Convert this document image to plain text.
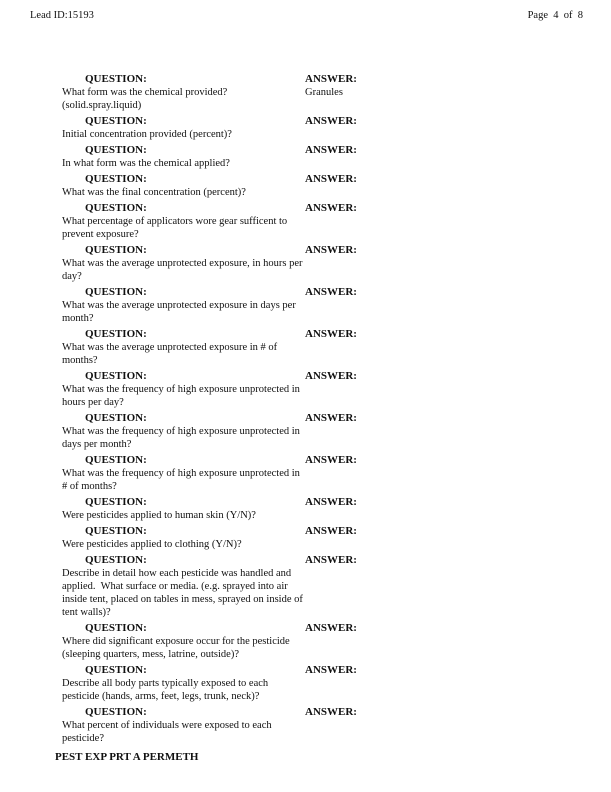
Lead ID:15193	Page  4  of  8
QUESTION:
What form was the chemical provided?(solid.spray.liquid)
ANSWER:
Granules
QUESTION:
Initial concentration provided (percent)?
ANSWER:
QUESTION:
In what form was the chemical applied?
ANSWER:
QUESTION:
What was the final concentration (percent)?
ANSWER:
QUESTION:
What percentage of applicators wore gear sufficent to prevent exposure?
ANSWER:
QUESTION:
What was the average unprotected exposure, in hours per day?
ANSWER:
QUESTION:
What was the average unprotected exposure in days per month?
ANSWER:
QUESTION:
What was the average unprotected exposure in # of months?
ANSWER:
QUESTION:
What was the frequency of high exposure unprotected in hours per day?
ANSWER:
QUESTION:
What was the frequency of high exposure unprotected in days per month?
ANSWER:
QUESTION:
What was the frequency of high exposure unprotected in # of months?
ANSWER:
QUESTION:
Were pesticides applied to human skin (Y/N)?
ANSWER:
QUESTION:
Were pesticides applied to clothing (Y/N)?
ANSWER:
QUESTION:
Describe in detail how each pesticide was handled and applied.  What surface or media. (e.g. sprayed into air inside tent, placed on tables in mess, sprayed on inside of tent walls)?
ANSWER:
QUESTION:
Where did significant exposure occur for the pesticide (sleeping quarters, mess, latrine, outside)?
ANSWER:
QUESTION:
Describe all body parts typically exposed to each pesticide (hands, arms, feet, legs, trunk, neck)?
ANSWER:
QUESTION:
What percent of individuals were exposed to each pesticide?
ANSWER:
PEST EXP PRT A PERMETH
